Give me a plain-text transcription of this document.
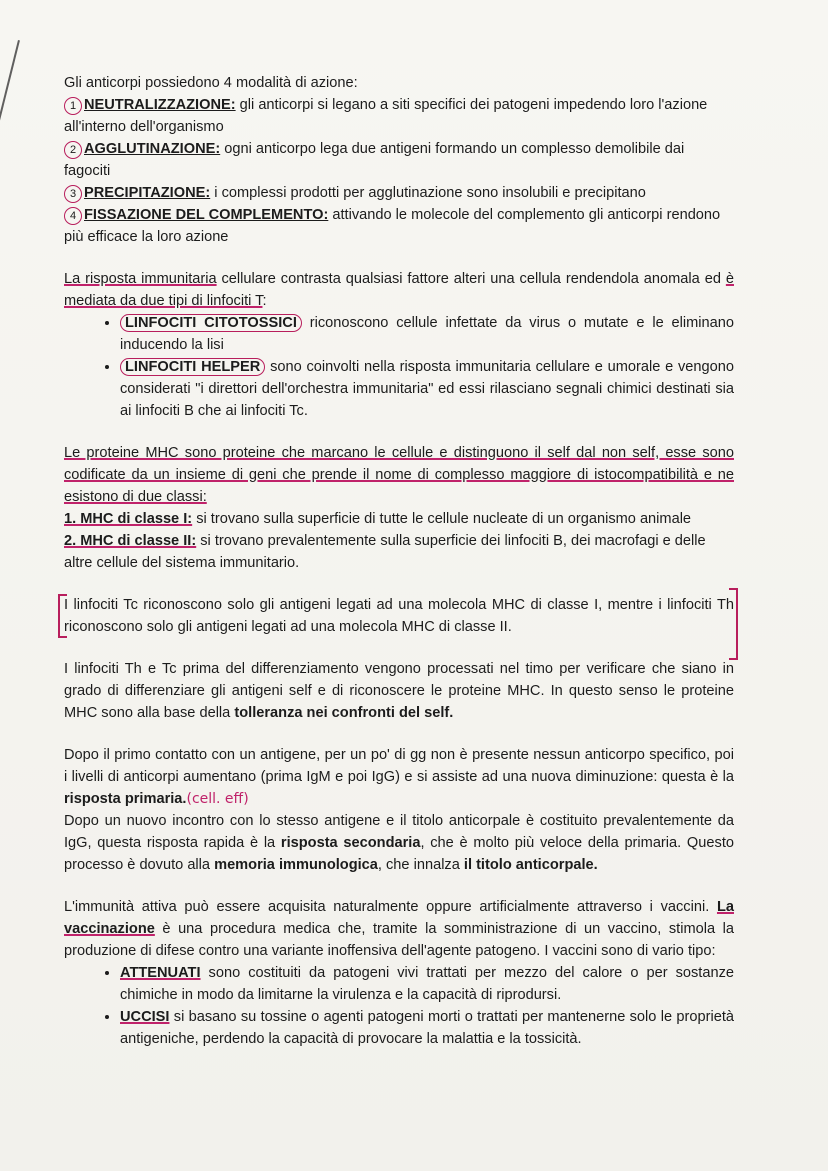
Gli anticorpi possiedono 4 modalità di azione:

1 NEUTRALIZZAZIONE: gli anticorpi si legano a siti specifici dei patogeni impedendo loro l'azione all'interno dell'organismo

2 AGGLUTINAZIONE: ogni anticorpo lega due antigeni formando un complesso demolibile dai fagociti

3 PRECIPITAZIONE: i complessi prodotti per agglutinazione sono insolubili e precipitano

4 FISSAZIONE DEL COMPLEMENTO: attivando le molecole del complemento gli anticorpi rendono più efficace la loro azione

La risposta immunitaria cellulare contrasta qualsiasi fattore alteri una cellula rendendola anomala ed è mediata da due tipi di linfociti T:

• LINFOCITI CITOTOSSICI riconoscono cellule infettate da virus o mutate e le eliminano inducendo la lisi
• LINFOCITI HELPER sono coinvolti nella risposta immunitaria cellulare e umorale e vengono considerati "i direttori dell'orchestra immunitaria" ed essi rilasciano segnali chimici destinati sia ai linfociti B che ai linfociti Tc.

Le proteine MHC sono proteine che marcano le cellule e distinguono il self dal non self, esse sono codificate da un insieme di geni che prende il nome di complesso maggiore di istocompatibilità e ne esistono di due classi:

1. MHC di classe I: si trovano sulla superficie di tutte le cellule nucleate di un organismo animale

2. MHC di classe II: si trovano prevalentemente sulla superficie dei linfociti B, dei macrofagi e delle altre cellule del sistema immunitario.

I linfociti Tc riconoscono solo gli antigeni legati ad una molecola MHC di classe I, mentre i linfociti Th riconoscono solo gli antigeni legati ad una molecola MHC di classe II.

I linfociti Th e Tc prima del differenziamento vengono processati nel timo per verificare che siano in grado di differenziare gli antigeni self e di riconoscere le proteine MHC. In questo senso le proteine MHC sono alla base della tolleranza nei confronti del self.

Dopo il primo contatto con un antigene, per un po' di gg non è presente nessun anticorpo specifico, poi i livelli di anticorpi aumentano (prima IgM e poi IgG) e si assiste ad una nuova diminuzione: questa è la risposta primaria.(cell. eff)

Dopo un nuovo incontro con lo stesso antigene e il titolo anticorpale è costituito prevalentemente da IgG, questa risposta rapida è la risposta secondaria, che è molto più veloce della primaria. Questo processo è dovuto alla memoria immunologica, che innalza il titolo anticorpale.

L'immunità attiva può essere acquisita naturalmente oppure artificialmente attraverso i vaccini. La vaccinazione è una procedura medica che, tramite la somministrazione di un vaccino, stimola la produzione di difese contro una variante inoffensiva dell'agente patogeno. I vaccini sono di vario tipo:

• ATTENUATI sono costituiti da patogeni vivi trattati per mezzo del calore o per sostanze chimiche in modo da limitarne la virulenza e la capacità di riprodursi.
• UCCISI si basano su tossine o agenti patogeni morti o trattati per mantenerne solo le proprietà antigeniche, perdendo la capacità di provocare la malattia e la tossicità.
